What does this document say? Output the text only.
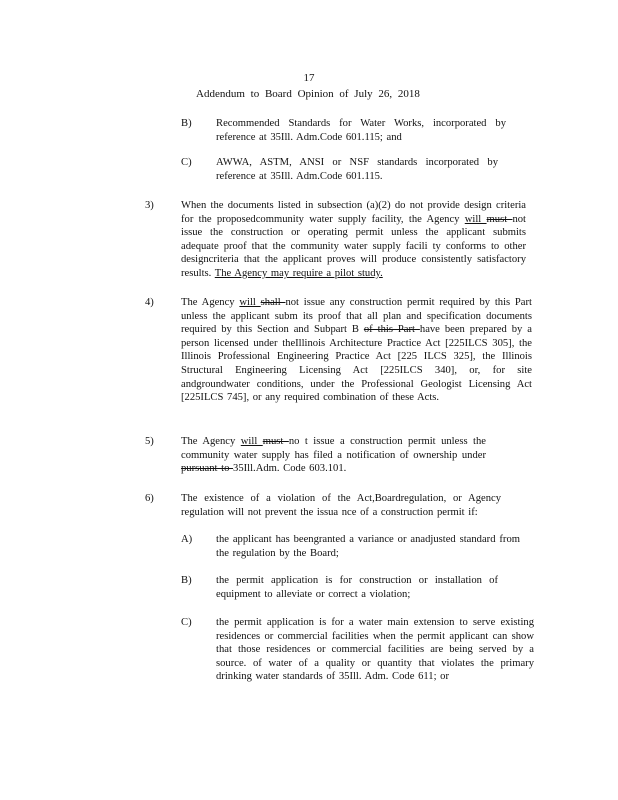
17
Addendum to Board Opinion of July 26, 2018
B) Recommended Standards for Water Works, incorporated by reference at 35Ill. Adm.Code 601.115; and
C) AWWA, ASTM, ANSI or NSF standards incorporated by reference at 35Ill. Adm.Code 601.115.
3)	When the documents listed in subsection (a)(2) do not provide design criteria for the proposedcommunity water supply facility, the Agency will must not issue the construction or operating permit unless the applicant submits adequate proof that the community water supply facili ty conforms to other designcriteria that the applicant proves will produce consistently satisfactory results. The Agency may require a pilot study.
4)	The Agency will shall not issue any construction permit required by this Part unless the applicant subm its proof that all plan and specification documents required by this Section and Subpart B of this Part have been prepared by a person licensed under theIllinois Architecture Practice Act [225ILCS 305], the Illinois Professional Engineering Practice Act [225 ILCS 325], the Illinois Structural Engineering Licensing Act [225ILCS 340], or, for site andgroundwater conditions, under the Professional Geologist Licensing Act [225ILCS 745], or any required combination of these Acts.
5)	The Agency will must no t issue a construction permit unless the community water supply has filed a notification of ownership under pursuant to 35Ill.Adm. Code 603.101.
6)	The existence of a violation of the Act,Boardregulation, or Agency regulation will not prevent the issua nce of a construction permit if:
A) the applicant has beengranted a variance or anadjusted standard from the regulation by the Board;
B) the permit application is for construction or installation of equipment to alleviate or correct a violation;
C) the permit application is for a water main extension to serve existing residences or commercial facilities when the permit applicant can show that those residences or commercial facilities are being served by a source. of water of a quality or quantity that violates the primary drinking water standards of 35Ill. Adm. Code 611; or
